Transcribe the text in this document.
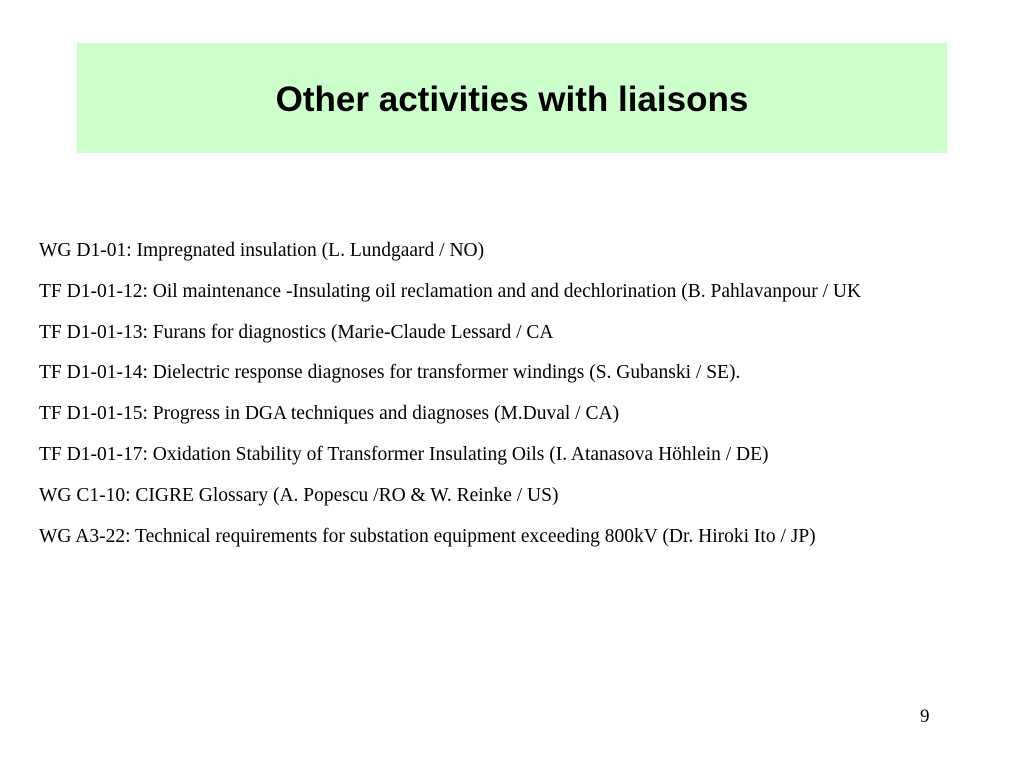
Other activities with liaisons
WG D1-01: Impregnated insulation (L. Lundgaard / NO)
TF D1-01-12: Oil maintenance -Insulating oil reclamation and and dechlorination (B. Pahlavanpour / UK
TF D1-01-13: Furans for diagnostics (Marie-Claude Lessard / CA
TF D1-01-14: Dielectric response diagnoses for transformer windings (S. Gubanski / SE).
TF D1-01-15: Progress in DGA techniques and diagnoses (M.Duval / CA)
TF D1-01-17: Oxidation Stability of Transformer Insulating Oils (I. Atanasova Höhlein / DE)
WG C1-10: CIGRE Glossary (A. Popescu /RO & W. Reinke / US)
WG A3-22: Technical requirements for substation equipment exceeding 800kV (Dr. Hiroki Ito / JP)
9
